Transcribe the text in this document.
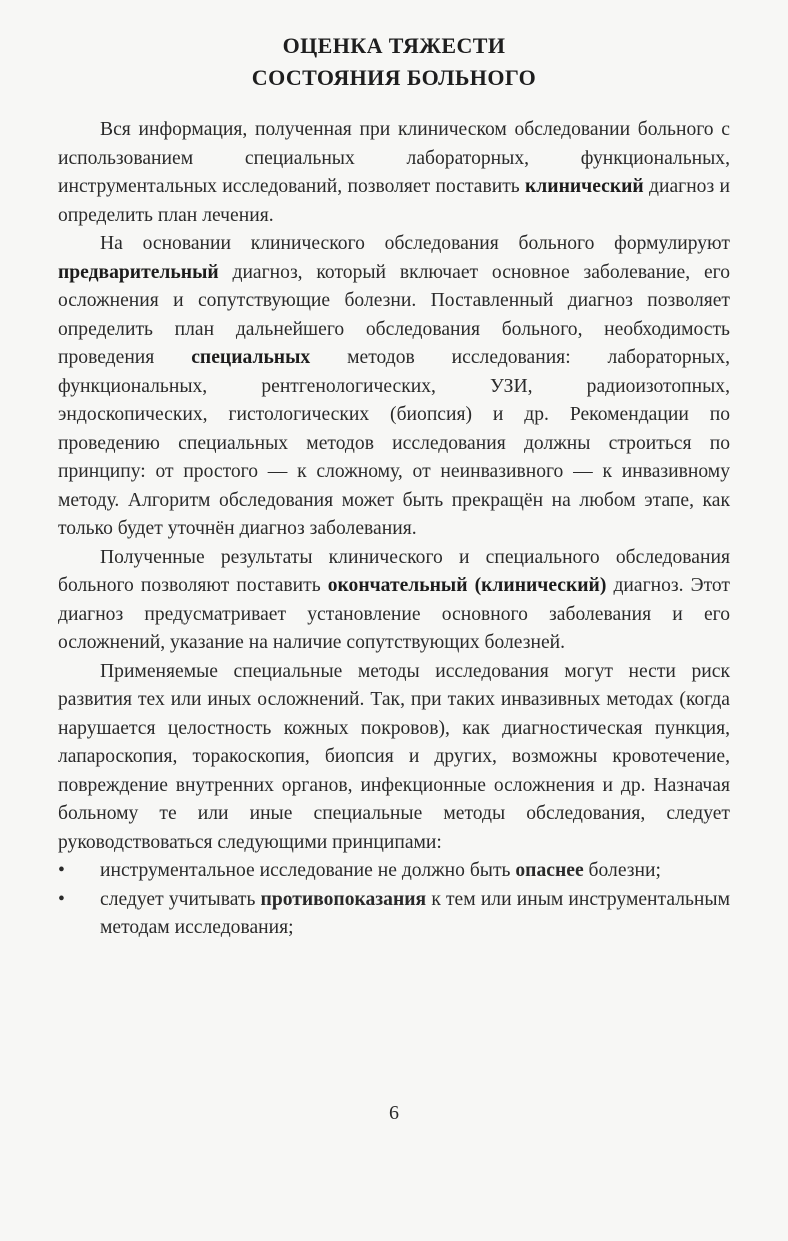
ОЦЕНКА ТЯЖЕСТИ
СОСТОЯНИЯ БОЛЬНОГО

Вся информация, полученная при клиническом обследовании больного с использованием специальных лабораторных, функциональных, инструментальных исследований, позволяет поставить клинический диагноз и определить план лечения.

На основании клинического обследования больного формулируют предварительный диагноз, который включает основное заболевание, его осложнения и сопутствующие болезни. Поставленный диагноз позволяет определить план дальнейшего обследования больного, необходимость проведения специальных методов исследования: лабораторных, функциональных, рентгенологических, УЗИ, радиоизотопных, эндоскопических, гистологических (биопсия) и др. Рекомендации по проведению специальных методов исследования должны строиться по принципу: от простого — к сложному, от неинвазивного — к инвазивному методу. Алгоритм обследования может быть прекращён на любом этапе, как только будет уточнён диагноз заболевания.

Полученные результаты клинического и специального обследования больного позволяют поставить окончательный (клинический) диагноз. Этот диагноз предусматривает установление основного заболевания и его осложнений, указание на наличие сопутствующих болезней.

Применяемые специальные методы исследования могут нести риск развития тех или иных осложнений. Так, при таких инвазивных методах (когда нарушается целостность кожных покровов), как диагностическая пункция, лапароскопия, торакоскопия, биопсия и других, возможны кровотечение, повреждение внутренних органов, инфекционные осложнения и др. Назначая больному те или иные специальные методы обследования, следует руководствоваться следующими принципами:

•	инструментальное исследование не должно быть опаснее болезни;
•	следует учитывать противопоказания к тем или иным инструментальным методам исследования;
6
